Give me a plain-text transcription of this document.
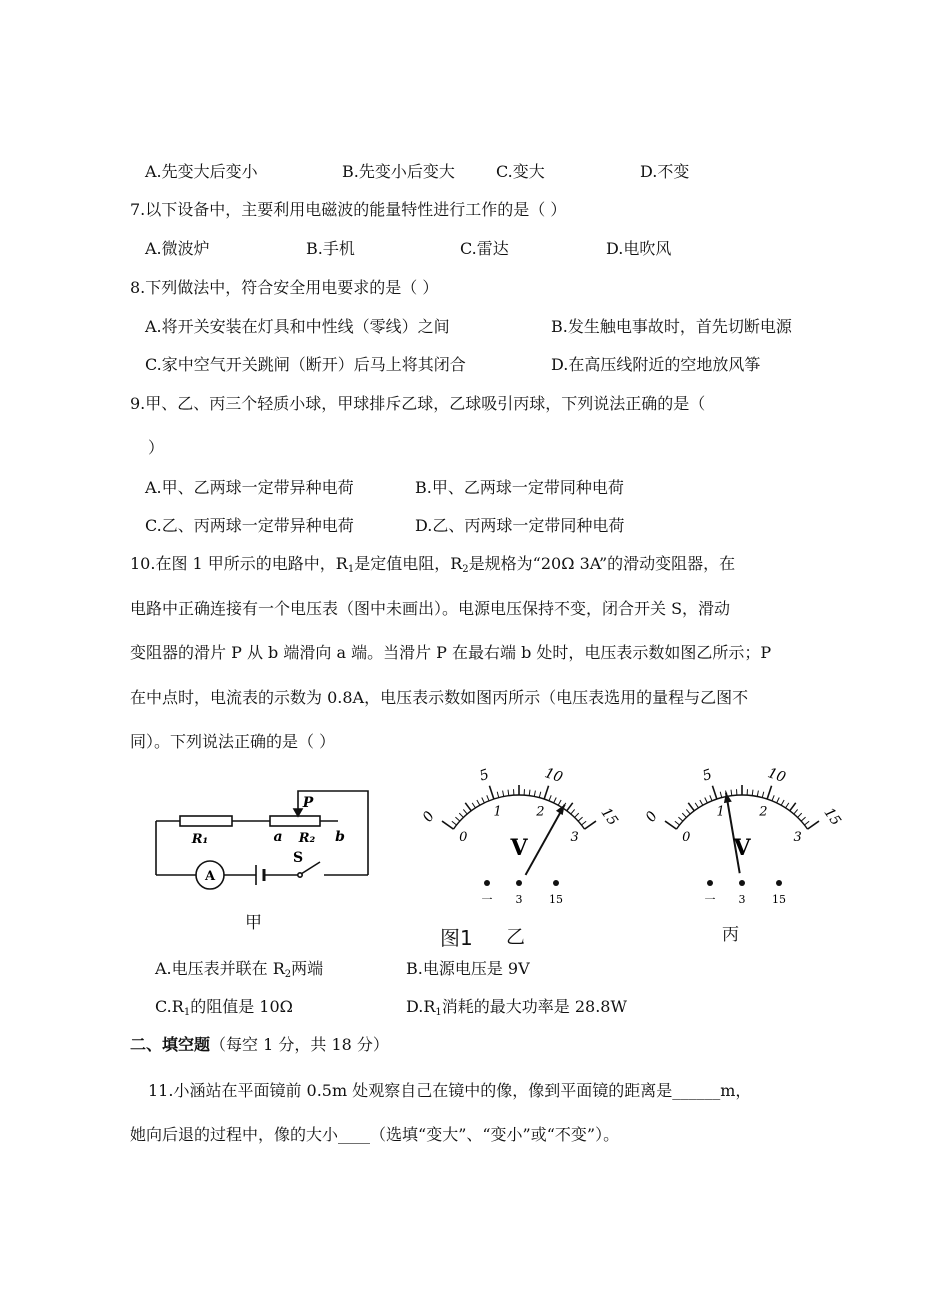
A.先变大后变小	B.先变小后变大	C.变大	D.不变
7.以下设备中，主要利用电磁波的能量特性进行工作的是（ ）
A.微波炉	B.手机	C.雷达	D.电吹风
8.下列做法中，符合安全用电要求的是（ ）
A.将开关安装在灯具和中性线（零线）之间	B.发生触电事故时，首先切断电源
C.家中空气开关跳闸（断开）后马上将其闭合	D.在高压线附近的空地放风筝
9.甲、乙、丙三个轻质小球，甲球排斥乙球，乙球吸引丙球，下列说法正确的是（
）
A.甲、乙两球一定带异种电荷	B.甲、乙两球一定带同种电荷
C.乙、丙两球一定带异种电荷	D.乙、丙两球一定带同种电荷
10.在图 1 甲所示的电路中，$R_1$是定值电阻，$R_2$是规格为“20Ω 3A”的滑动变阻器，在
电路中正确连接有一个电压表（图中未画出）。电源电压保持不变，闭合开关 S，滑动
变阻器的滑片 P 从 b 端滑向 a 端。当滑片 P 在最右端 b 处时，电压表示数如图乙所示；P
在中点时，电流表的示数为 0.8A，电压表示数如图丙所示（电压表选用的量程与乙图不
同）。下列说法正确的是（ ）
R₁	a R₂ b
P
A
S
甲
0
5	10
15
0
1	2
3
V
一 3 15
0
5	10
15
0
1	2
3
V
一 3 15
图1 乙	丙
A.电压表并联在 $R_2$两端	B.电源电压是 9V
$C.R_1$的阻值是 10Ω	$D.R_1$消耗的最大功率是 28.8W
二、填空题（每空 1 分，共 18 分）
11.小涵站在平面镜前 0.5m 处观察自己在镜中的像，像到平面镜的距离是______m，
她向后退的过程中，像的大小____（选填“变大”、“变小”或“不变”）。
